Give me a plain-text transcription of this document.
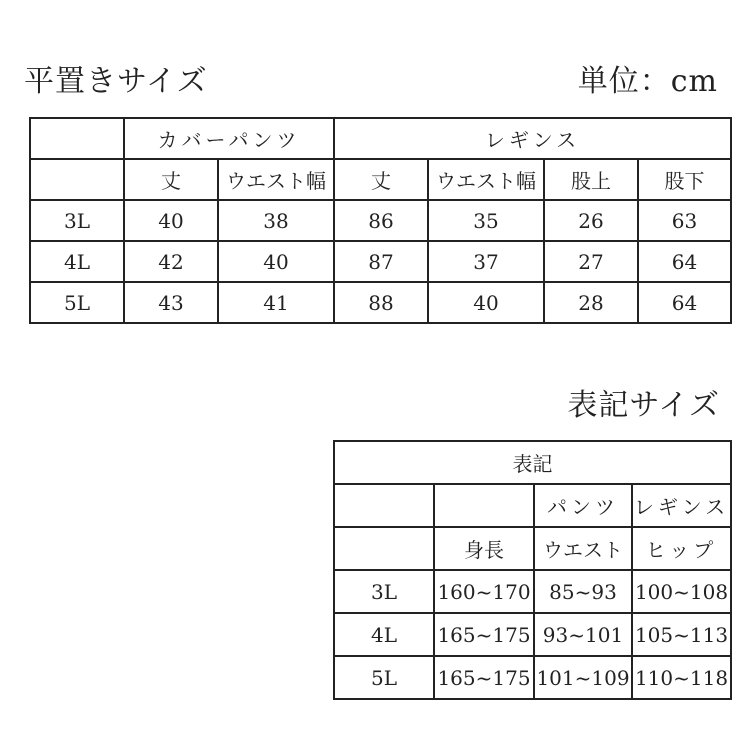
平置きサイズ	単位：cm
	カバーパンツ		レギンス			
	丈	ウエスト幅	丈	ウエスト幅	股上	股下
3L	40	38	86	35	26	63
4L	42	40	87	37	27	64
5L	43	41	88	40	28	64
表記サイズ
表記			
		パンツ	レギンス
	身長	ウエスト	ヒップ
3L	160~170	85~93	100~108
4L	165~175	93~101	105~113
5L	165~175	101~109	110~118
